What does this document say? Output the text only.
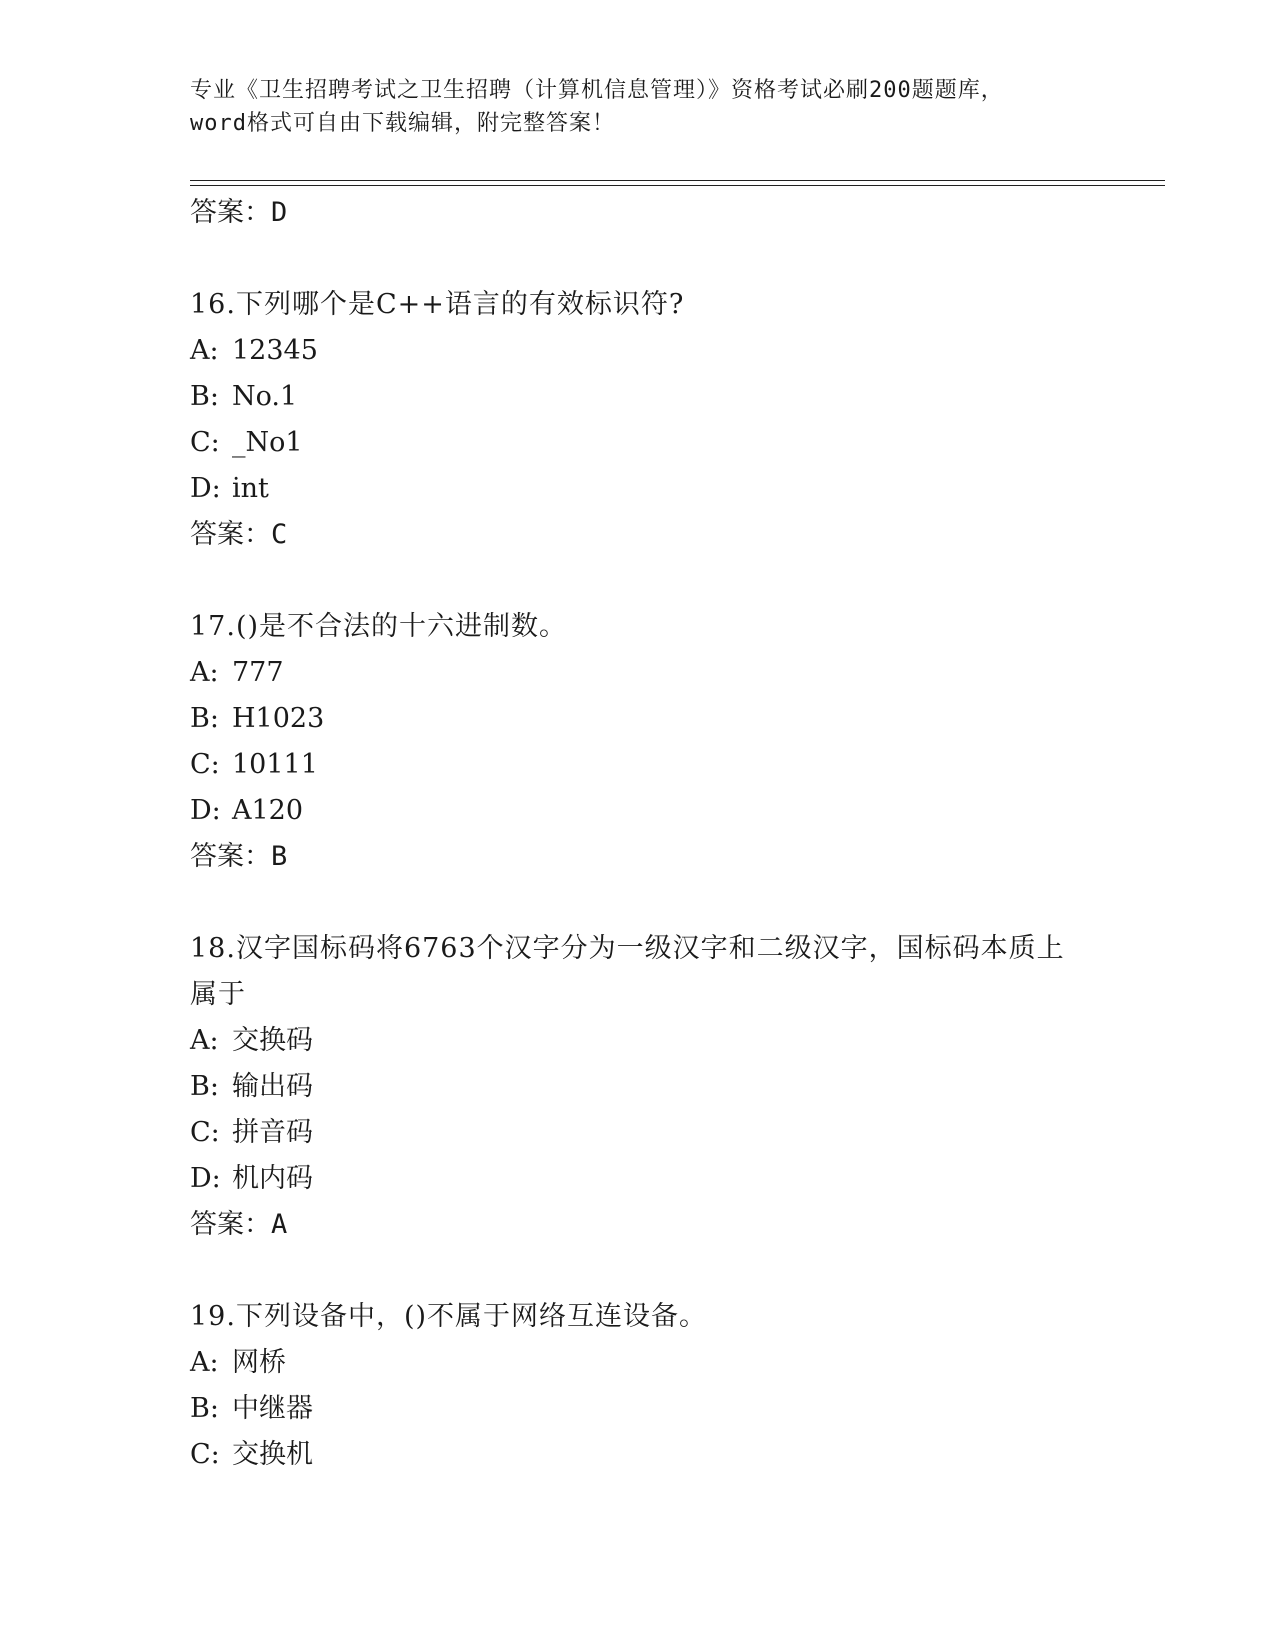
专业《卫生招聘考试之卫生招聘（计算机信息管理）》资格考试必刷200题题库，
word格式可自由下载编辑，附完整答案！
答案：D
16.下列哪个是C++语言的有效标识符?
A: 12345
B: No.1
C: _No1
D: int
答案：C
17.()是不合法的十六进制数。
A: 777
B: H1023
C: 10111
D: A120
答案：B
18.汉字国标码将6763个汉字分为一级汉字和二级汉字，国标码本质上属于
A: 交换码
B: 输出码
C: 拼音码
D: 机内码
答案：A
19.下列设备中，()不属于网络互连设备。
A: 网桥
B: 中继器
C: 交换机
